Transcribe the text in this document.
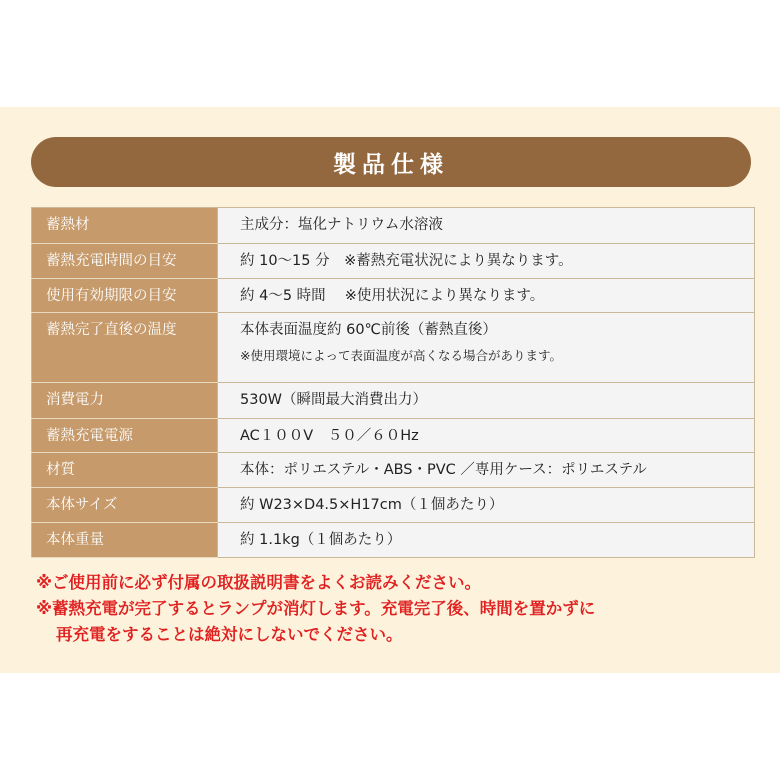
製品仕様
蓄熱材	主成分：塩化ナトリウム水溶液
蓄熱充電時間の目安	約 10〜15 分　※蓄熱充電状況により異なります。
使用有効期限の目安	約 4〜5 時間　 ※使用状況により異なります。
蓄熱完了直後の温度	本体表面温度約 60℃前後（蓄熱直後）
※使用環境によって表面温度が高くなる場合があります。

消費電力	530W（瞬間最大消費出力）
蓄熱充電電源	AC１００V　５０／６０Hz
材質	本体：ポリエステル・ABS・PVC ／専用ケース：ポリエステル
本体サイズ	約 W23×D4.5×H17cm（１個あたり）
本体重量	約 1.1kg（１個あたり）
※ご使用前に必ず付属の取扱説明書をよくお読みください。
※蓄熱充電が完了するとランプが消灯します。充電完了後、時間を置かずに
再充電をすることは絶対にしないでください。
